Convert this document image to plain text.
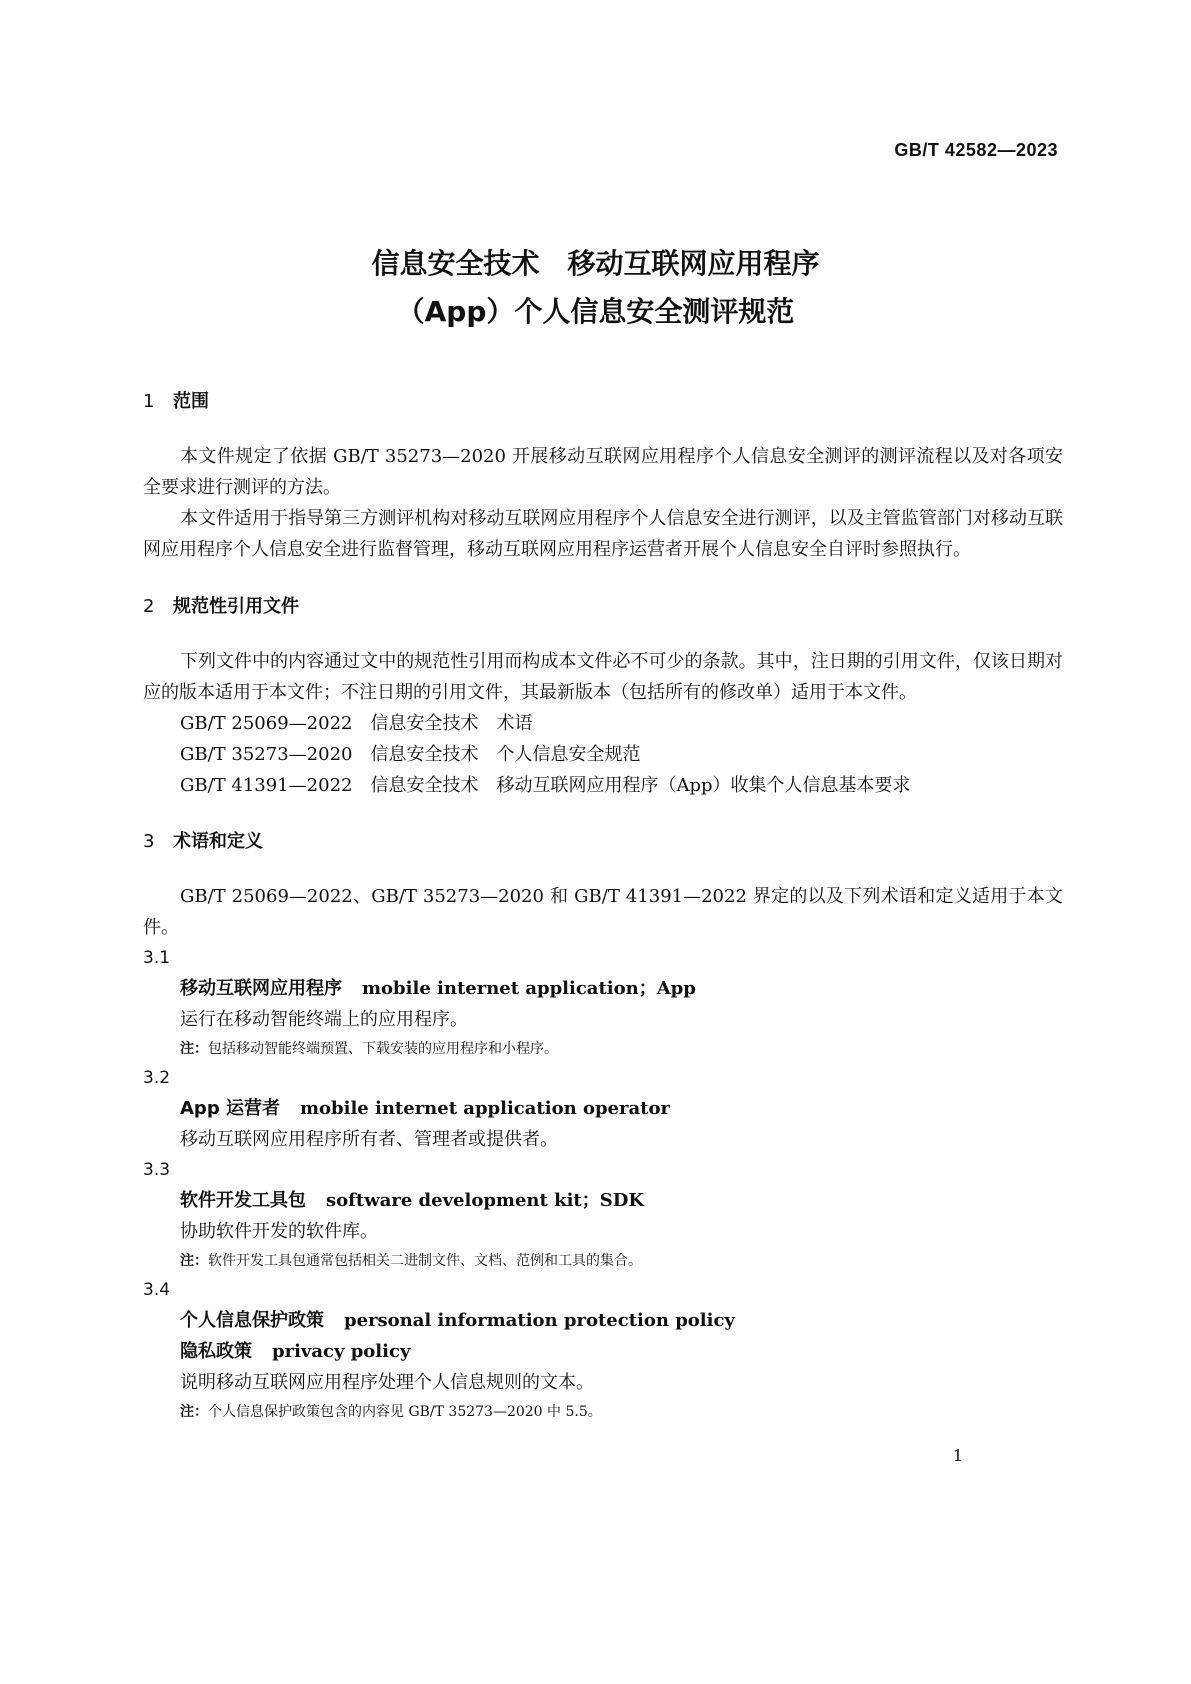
GB/T 42582—2023
信息安全技术　移动互联网应用程序
（App）个人信息安全测评规范
1 范围

本文件规定了依据 GB/T 35273—2020 开展移动互联网应用程序个人信息安全测评的测评流程以及对各项安全要求进行测评的方法。

本文件适用于指导第三方测评机构对移动互联网应用程序个人信息安全进行测评，以及主管监管部门对移动互联网应用程序个人信息安全进行监督管理，移动互联网应用程序运营者开展个人信息安全自评时参照执行。

2 规范性引用文件

下列文件中的内容通过文中的规范性引用而构成本文件必不可少的条款。其中，注日期的引用文件，仅该日期对应的版本适用于本文件；不注日期的引用文件，其最新版本（包括所有的修改单）适用于本文件。

GB/T 25069—2022　信息安全技术　术语

GB/T 35273—2020　信息安全技术　个人信息安全规范

GB/T 41391—2022　信息安全技术　移动互联网应用程序（App）收集个人信息基本要求

3 术语和定义

GB/T 25069—2022、GB/T 35273—2020 和 GB/T 41391—2022 界定的以及下列术语和定义适用于本文件。

3.1

移动互联网应用程序 mobile internet application；App

运行在移动智能终端上的应用程序。

注：包括移动智能终端预置、下载安装的应用程序和小程序。

3.2

App 运营者 mobile internet application operator

移动互联网应用程序所有者、管理者或提供者。

3.3

软件开发工具包 software development kit；SDK

协助软件开发的软件库。

注：软件开发工具包通常包括相关二进制文件、文档、范例和工具的集合。

3.4

个人信息保护政策 personal information protection policy

隐私政策 privacy policy

说明移动互联网应用程序处理个人信息规则的文本。

注：个人信息保护政策包含的内容见 GB/T 35273—2020 中 5.5。

1
